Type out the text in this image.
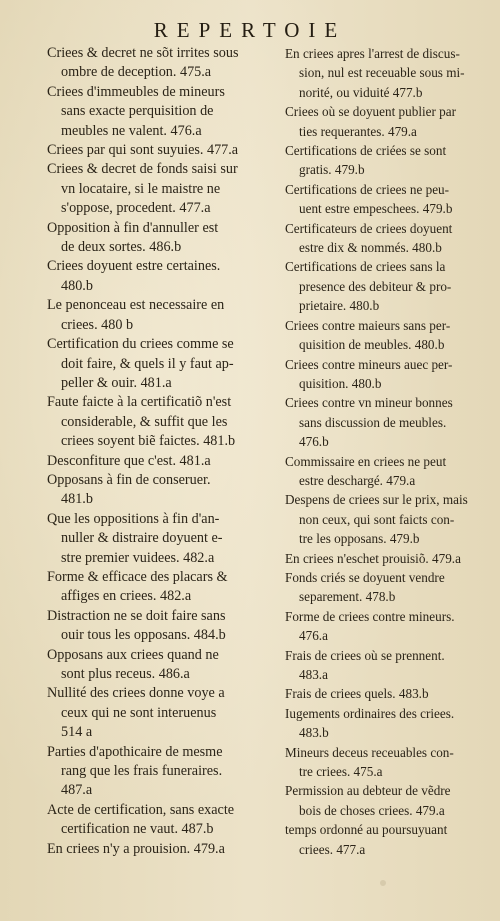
REPERTOIE
Criees & decret ne sõt irrites sous
ombre de deception. 475.a
Criees d'immeubles de mineurs
sans exacte perquisition de
meubles ne valent. 476.a
Criees par qui sont suyuies. 477.a
Criees & decret de fonds saisi sur
vn locataire, si le maistre ne
s'oppose, procedent. 477.a
Opposition à fin d'annuller est
de deux sortes. 486.b
Criees doyuent estre certaines.
480.b
Le penonceau est necessaire en
criees. 480 b
Certification du criees comme se
doit faire, & quels il y faut ap-
peller & ouir. 481.a
Faute faicte à la certificatiõ n'est
considerable, & suffit que les
criees soyent biẽ faictes. 481.b
Desconfiture que c'est. 481.a
Opposans à fin de conseruer.
481.b
Que les oppositions à fin d'an-
nuller & distraire doyuent e-
stre premier vuidees. 482.a
Forme & efficace des placars &
affiges en criees. 482.a
Distraction ne se doit faire sans
ouir tous les opposans. 484.b
Opposans aux criees quand ne
sont plus receus. 486.a
Nullité des criees donne voye a
ceux qui ne sont interuenus
514 a
Parties d'apothicaire de mesme
rang que les frais funeraires.
487.a
Acte de certification, sans exacte
certification ne vaut. 487.b
En criees n'y a prouision. 479.a
En criees apres l'arrest de discus-
sion, nul est receuable sous mi-
norité, ou viduité 477.b
Criees où se doyuent publier par
ties requerantes. 479.a
Certifications de criées se sont
gratis. 479.b
Certifications de criees ne peu-
uent estre empeschees. 479.b
Certificateurs de criees doyuent
estre dix & nommés. 480.b
Certifications de criees sans la
presence des debiteur & pro-
prietaire. 480.b
Criees contre maieurs sans per-
quisition de meubles. 480.b
Criees contre mineurs auec per-
quisition. 480.b
Criees contre vn mineur bonnes
sans discussion de meubles.
476.b
Commissaire en criees ne peut
estre deschargé. 479.a
Despens de criees sur le prix, mais
non ceux, qui sont faicts con-
tre les opposans. 479.b
En criees n'eschet prouisiõ. 479.a
Fonds criés se doyuent vendre
separement. 478.b
Forme de criees contre mineurs.
476.a
Frais de criees où se prennent.
483.a
Frais de criees quels. 483.b
Iugements ordinaires des criees.
483.b
Mineurs deceus receuables con-
tre criees. 475.a
Permission au debteur de vẽdre
bois de choses criees. 479.a
temps ordonné au poursuyuant
criees. 477.a
